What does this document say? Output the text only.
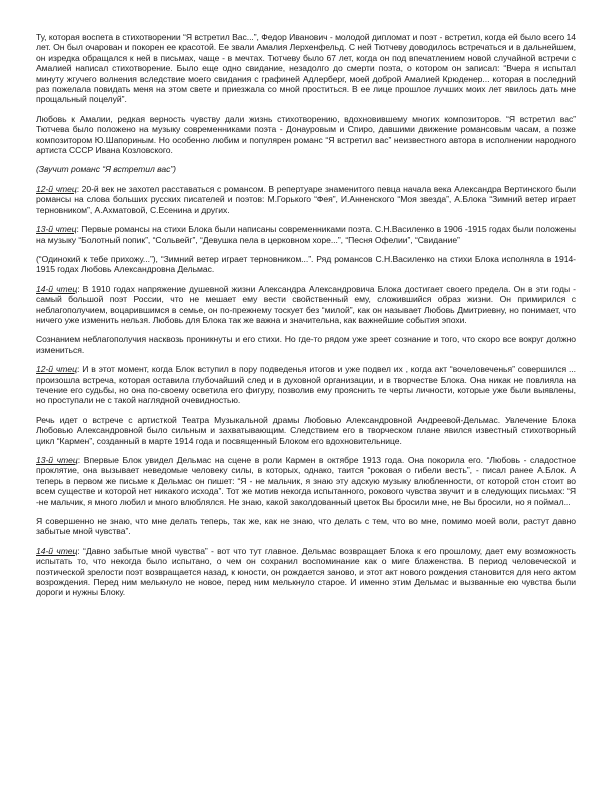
Ту, которая воспета в стихотворении “Я встретил Вас...”, Федор Иванович - молодой дипломат и поэт - встретил, когда ей было всего 14 лет. Он был очарован и покорен ее красотой. Ее звали Амалия Лерхенфельд. С ней Тютчеву доводилось встречаться и в дальнейшем, он изредка обращался к ней в письмах, чаще - в мечтах. Тютчеву было 67 лет, когда он под впечатлением новой случайной встречи с Амалией написал стихотворение. Было еще одно свидание, незадолго до смерти поэта, о котором он записал: “Вчера я испытал минуту жгучего волнения вследствие моего свидания с графиней Адлерберг, моей доброй Амалией Крюденер... которая в последний раз пожелала повидать меня на этом свете и приезжала со мной проститься. В ее лице прошлое лучших моих лет явилось дать мне прощальный поцелуй”.

Любовь к Амалии, редкая верность чувству дали жизнь стихотворению, вдохновившему многих композиторов. “Я встретил вас” Тютчева было положено на музыку современниками поэта - Донауровым и Спиро, давшими движение романсовым часам, а позже композитором Ю.Шапориным. Но особенно любим и популярен романс “Я встретил вас” неизвестного автора в исполнении народного артиста СССР Ивана Козловского.

(Звучит романс “Я встретил вас”)

12-й чтец: 20-й век не захотел расставаться с романсом. В репертуаре знаменитого певца начала века Александра Вертинского были романсы на слова больших русских писателей и поэтов: М.Горького “Фея”, И.Анненского “Моя звезда”, А.Блока “Зимний ветер играет терновником”, А.Ахматовой, С.Есенина и других.

13-й чтец: Первые романсы на стихи Блока были написаны современниками поэта. С.Н.Василенко в 1906 -1915 годах были положены на музыку “Болотный попик”, “Сольвейг”, “Девушка пела в церковном хоре...”, “Песня Офелии”, “Свидание”

(“Одинокий к тебе прихожу...”), “Зимний ветер играет терновником...”. Ряд романсов С.Н.Василенко на стихи Блока исполняла в 1914-1915 годах Любовь Александровна Дельмас.

14-й чтец: В 1910 годах напряжение душевной жизни Александра Александровича Блока достигает своего предела. Он в эти годы - самый большой поэт России, что не мешает ему вести свойственный ему, сложившийся образ жизни. Он примирился с неблагополучием, воцарившимся в семье, он по-прежнему тоскует без “милой”, как он называет Любовь Дмитриевну, но понимает, что ничего уже изменить нельзя. Любовь для Блока так же важна и значительна, как важнейшие события эпохи.

Сознанием неблагополучия насквозь проникнуты и его стихи. Но где-то рядом уже зреет сознание и того, что скоро все вокруг должно измениться.

12-й чтец: И в этот момент, когда Блок вступил в пору подведенья итогов и уже подвел их , когда акт “вочеловеченья” совершился ... произошла встреча, которая оставила глубочайший след и в духовной организации, и в творчестве Блока. Она никак не повлияла на течение его судьбы, но она по-своему осветила его фигуру, позволив ему прояснить те черты личности, которые уже были выявлены, но проступали не с такой наглядной очевидностью.

Речь идет о встрече с артисткой Театра Музыкальной драмы Любовью Александровной Андреевой-Дельмас. Увлечение Блока Любовью Александровной было сильным и захватывающим. Следствием его в творческом плане явился известный стихотворный цикл “Кармен”, созданный в марте 1914 года и посвященный Блоком его вдохновительнице.

13-й чтец: Впервые Блок увидел Дельмас на сцене в роли Кармен в октябре 1913 года. Она покорила его. “Любовь - сладостное проклятие, она вызывает неведомые человеку силы, в которых, однако, таится “роковая о гибели весть”, - писал ранее А.Блок. А теперь в первом же письме к Дельмас он пишет: “Я - не мальчик, я знаю эту адскую музыку влюбленности, от которой стон стоит во всем существе и которой нет никакого исхода”. Тот же мотив некогда испытанного, рокового чувства звучит и в следующих письмах: “Я -не мальчик, я много любил и много влюблялся. Не знаю, какой заколдованный цветок Вы бросили мне, не Вы бросили, но я поймал...

Я совершенно не знаю, что мне делать теперь, так же, как не знаю, что делать с тем, что во мне, помимо моей воли, растут давно забытые мной чувства”.

14-й чтец: “Давно забытые мной чувства” - вот что тут главное. Дельмас возвращает Блока к его прошлому, дает ему возможность испытать то, что некогда было испытано, о чем он сохранил воспоминание как о миге блаженства. В период человеческой и поэтической зрелости поэт возвращается назад, к юности, он рождается заново, и этот акт нового рождения становится для него актом возрождения. Перед ним мелькнуло не новое, перед ним мелькнуло старое. И именно этим Дельмас и вызванные ею чувства были дороги и нужны Блоку.
